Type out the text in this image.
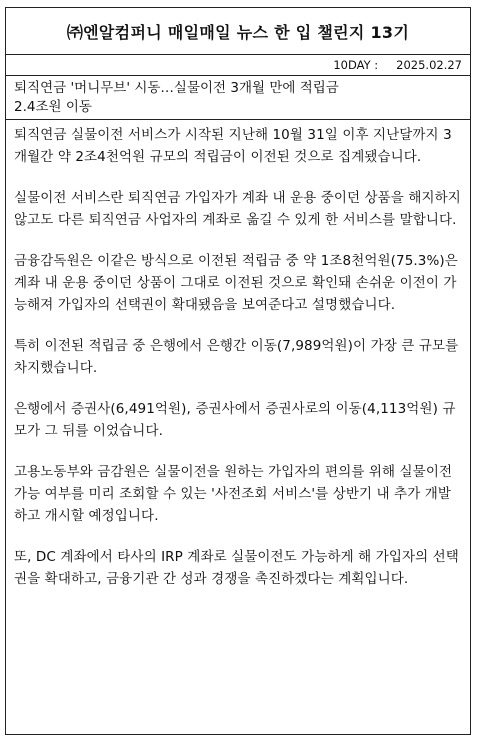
㈜엔알컴퍼니 매일매일 뉴스 한 입 챌린지 13기
10DAY : 2025.02.27
퇴직연금 '머니무브' 시동…실물이전 3개월 만에 적립금
2.4조원 이동

퇴직연금 실물이전 서비스가 시작된 지난해 10월 31일 이후 지난달까지 3개월간 약 2조4천억원 규모의 적립금이 이전된 것으로 집계됐습니다.

실물이전 서비스란 퇴직연금 가입자가 계좌 내 운용 중이던 상품을 해지하지 않고도 다른 퇴직연금 사업자의 계좌로 옮길 수 있게 한 서비스를 말합니다.

금융감독원은 이같은 방식으로 이전된 적립금 중 약 1조8천억원(75.3%)은 계좌 내 운용 중이던 상품이 그대로 이전된 것으로 확인돼 손쉬운 이전이 가능해져 가입자의 선택권이 확대됐음을 보여준다고 설명했습니다.

특히 이전된 적립금 중 은행에서 은행간 이동(7,989억원)이 가장 큰 규모를 차지했습니다.

은행에서 증권사(6,491억원), 증권사에서 증권사로의 이동(4,113억원) 규모가 그 뒤를 이었습니다.

고용노동부와 금감원은 실물이전을 원하는 가입자의 편의를 위해 실물이전 가능 여부를 미리 조회할 수 있는 '사전조회 서비스'를 상반기 내 추가 개발하고 개시할 예정입니다.

또, DC 계좌에서 타사의 IRP 계좌로 실물이전도 가능하게 해 가입자의 선택권을 확대하고, 금융기관 간 성과 경쟁을 촉진하겠다는 계획입니다.
